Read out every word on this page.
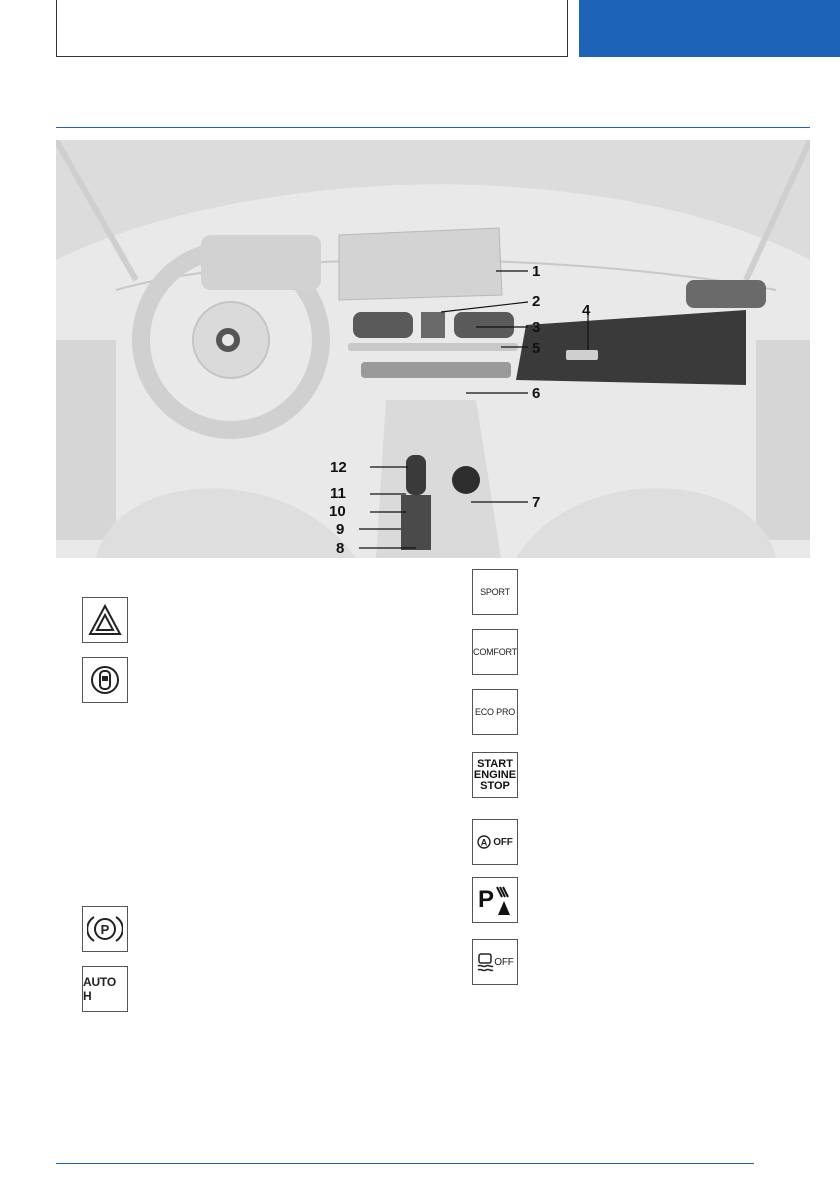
1
2
3
4
5
6
7
8
9
10
11
12
P
AUTO H
SPORT
COMFORT
ECO PRO
START
ENGINE
STOP
A OFF
P
OFF
